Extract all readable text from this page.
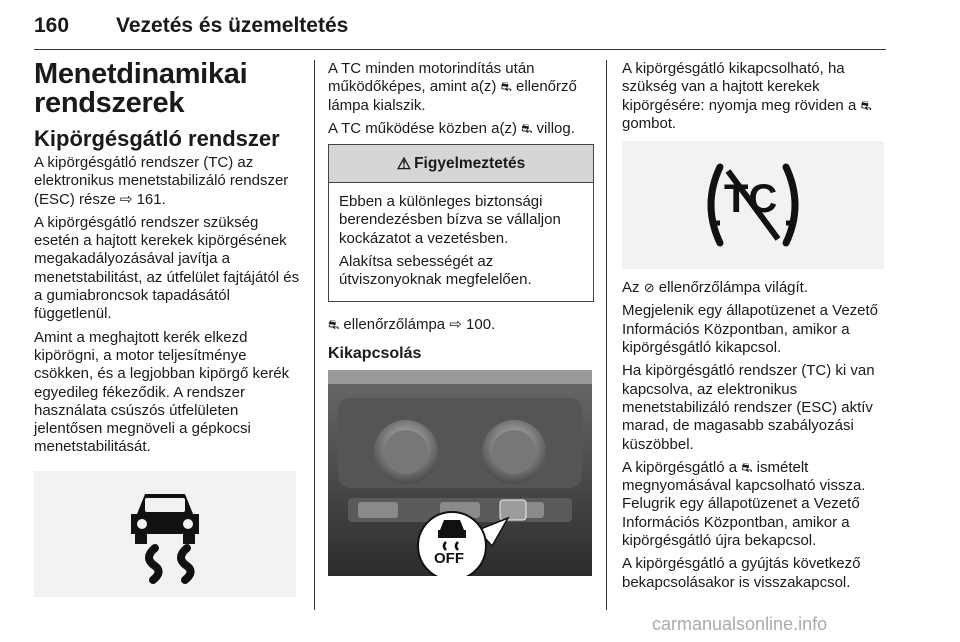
160 Vezetés és üzemeltetés
Menetdinamikai rendszerek
Kipörgésgátló rendszer

A kipörgésgátló rendszer (TC) az elektronikus menetstabilizáló rendszer (ESC) része ⇨ 161.

A kipörgésgátló rendszer szükség esetén a hajtott kerekek kipörgésének megakadályozásával javítja a menetstabilitást, az útfelület fajtájától és a gumiabroncsok tapadásától függetlenül.

Amint a meghajtott kerék elkezd kipörögni, a motor teljesítménye csökken, és a legjobban kipörgő kerék egyedileg fékeződik. A rendszer használata csúszós útfelületen jelentősen megnöveli a gépkocsi menetstabilitását.

A TC minden motorindítás után működőképes, amint a(z) ⛐ ellenőrző lámpa kialszik.

A TC működése közben a(z) ⛐ villog.

⚠ Figyelmeztetés

Ebben a különleges biztonsági berendezésben bízva se vállaljon kockázatot a vezetésben.

Alakítsa sebességét az útviszonyoknak megfelelően.

⛐ ellenőrzőlámpa ⇨ 100.

Kikapcsolás
OFF

A kipörgésgátló kikapcsolható, ha szükség van a hajtott kerekek kipörgésére: nyomja meg röviden a ⛐ gombot.

TC

Az ⊘ ellenőrzőlámpa világít.

Megjelenik egy állapotüzenet a Vezető Információs Központban, amikor a kipörgésgátló kikapcsol.

Ha kipörgésgátló rendszer (TC) ki van kapcsolva, az elektronikus menetstabilizáló rendszer (ESC) aktív marad, de magasabb szabályozási küszöbbel.

A kipörgésgátló a ⛐ ismételt megnyomásával kapcsolható vissza. Felugrik egy állapotüzenet a Vezető Információs Központban, amikor a kipörgésgátló újra bekapcsol.

A kipörgésgátló a gyújtás következő bekapcsolásakor is visszakapcsol.

carmanualsonline.info
